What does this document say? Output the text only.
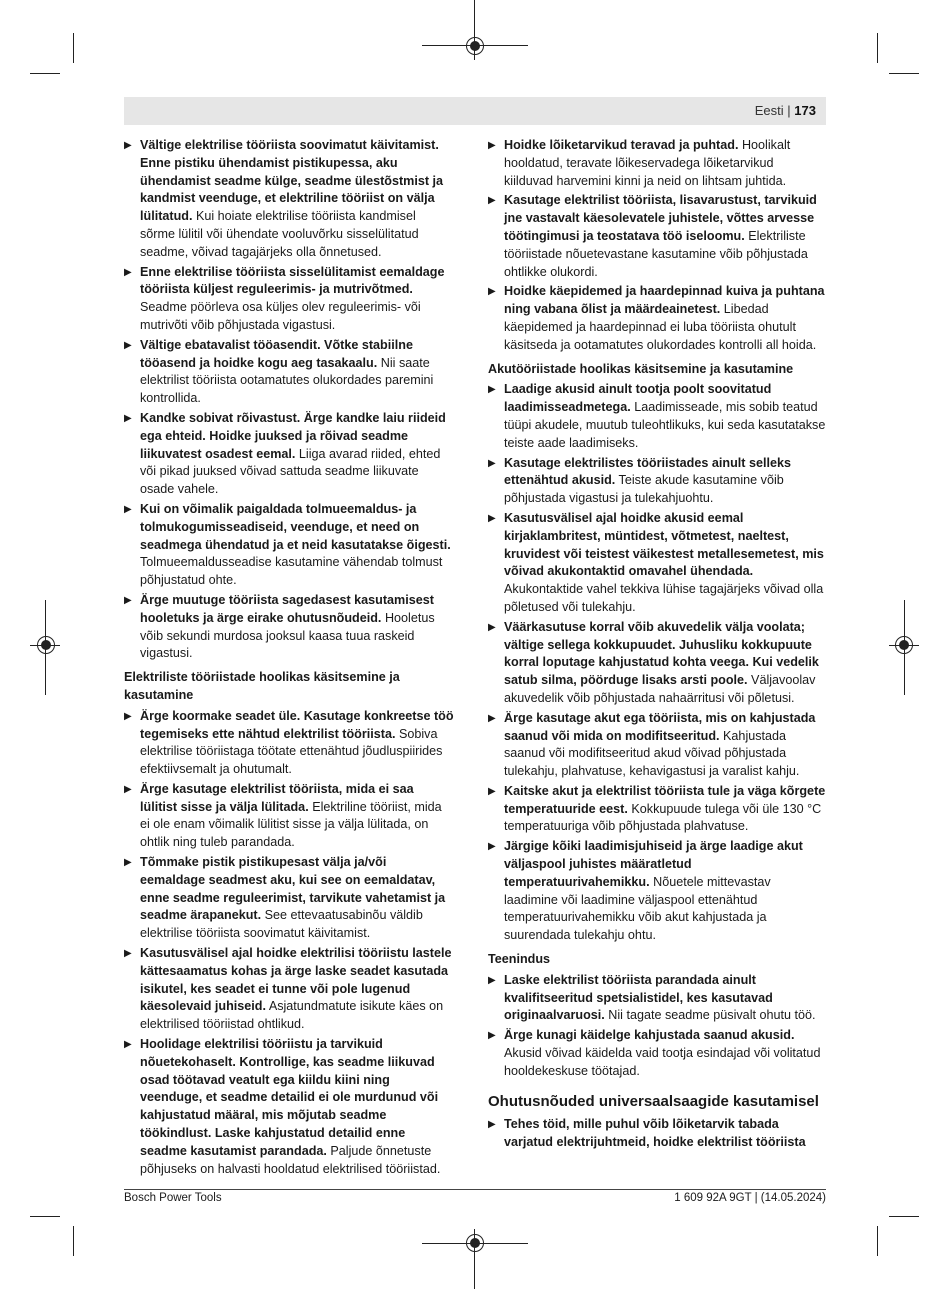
Eesti | 173
▶ Vältige elektrilise tööriista soovimatut käivitamist. Enne pistiku ühendamist pistikupessa, aku ühendamist seadme külge, seadme ülestõstmist ja kandmist veenduge, et elektriline tööriist on välja lülitatud. Kui hoiate elektrilise tööriista kandmisel sõrme lülitil või ühendate vooluvõrku sisselülitatud seadme, võivad tagajärjeks olla õnnetused.
▶ Enne elektrilise tööriista sisselülitamist eemaldage tööriista küljest reguleerimis- ja mutrivõtmed. Seadme pöörleva osa küljes olev reguleerimis- või mutrivõti võib põhjustada vigastusi.
▶ Vältige ebatavalist tööasendit. Võtke stabiilne tööasend ja hoidke kogu aeg tasakaalu. Nii saate elektrilist tööriista ootamatutes olukordades paremini kontrollida.
▶ Kandke sobivat rõivastust. Ärge kandke laiu riideid ega ehteid. Hoidke juuksed ja rõivad seadme liikuvatest osadest eemal. Liiga avarad riided, ehted või pikad juuksed võivad sattuda seadme liikuvate osade vahele.
▶ Kui on võimalik paigaldada tolmueemaldus- ja tolmukogumisseadiseid, veenduge, et need on seadmega ühendatud ja et neid kasutatakse õigesti. Tolmueemaldusseadise kasutamine vähendab tolmust põhjustatud ohte.
▶ Ärge muutuge tööriista sagedasest kasutamisest hooletuks ja ärge eirake ohutusnõudeid. Hooletus võib sekundi murdosa jooksul kaasa tuua raskeid vigastusi.
Elektriliste tööriistade hoolikas käsitsemine ja kasutamine
▶ Ärge koormake seadet üle. Kasutage konkreetse töö tegemiseks ette nähtud elektrilist tööriista. Sobiva elektrilise tööriistaga töötate ettenähtud jõudluspiirides efektiivsemalt ja ohutumalt.
▶ Ärge kasutage elektrilist tööriista, mida ei saa lülitist sisse ja välja lülitada. Elektriline tööriist, mida ei ole enam võimalik lülitist sisse ja välja lülitada, on ohtlik ning tuleb parandada.
▶ Tõmmake pistik pistikupesast välja ja/või eemaldage seadmest aku, kui see on eemaldatav, enne seadme reguleerimist, tarvikute vahetamist ja seadme ärapanekut. See ettevaatusabinõu väldib elektrilise tööriista soovimatut käivitamist.
▶ Kasutusvälisel ajal hoidke elektrilisi tööriistu lastele kättesaamatus kohas ja ärge laske seadet kasutada isikutel, kes seadet ei tunne või pole lugenud käesolevaid juhiseid. Asjatundmatute isikute käes on elektrilised tööriistad ohtlikud.
▶ Hoolidage elektrilisi tööriistu ja tarvikuid nõuetekohaselt. Kontrollige, kas seadme liikuvad osad töötavad veatult ega kiildu kiini ning veenduge, et seadme detailid ei ole murdunud või kahjustatud määral, mis mõjutab seadme töökindlust. Laske kahjustatud detailid enne seadme kasutamist parandada. Paljude õnnetuste põhjuseks on halvasti hooldatud elektrilised tööriistad.
▶ Hoidke lõiketarvikud teravad ja puhtad. Hoolikalt hooldatud, teravate lõikeservadega lõiketarvikud kiilduvad harvemini kinni ja neid on lihtsam juhtida.
▶ Kasutage elektrilist tööriista, lisavarustust, tarvikuid jne vastavalt käesolevatele juhistele, võttes arvesse töötingimusi ja teostatava töö iseloomu. Elektriliste tööriistade nõuetevastane kasutamine võib põhjustada ohtlikke olukordi.
▶ Hoidke käepidemed ja haardepinnad kuiva ja puhtana ning vabana õlist ja määrdeainetest. Libedad käepidemed ja haardepinnad ei luba tööriista ohutult käsitseda ja ootamatutes olukordades kontrolli all hoida.
Akutööriistade hoolikas käsitsemine ja kasutamine
▶ Laadige akusid ainult tootja poolt soovitatud laadimisseadmetega. Laadimisseade, mis sobib teatud tüüpi akudele, muutub tuleohtlikuks, kui seda kasutatakse teiste aade laadimiseks.
▶ Kasutage elektrilistes tööriistades ainult selleks ettenähtud akusid. Teiste akude kasutamine võib põhjustada vigastusi ja tulekahjuohtu.
▶ Kasutusvälisel ajal hoidke akusid eemal kirjaklambritest, müntidest, võtmetest, naeltest, kruvidest või teistest väikestest metallesemetest, mis võivad akukontaktid omavahel ühendada. Akukontaktide vahel tekkiva lühise tagajärjeks võivad olla põletused või tulekahju.
▶ Väärkasutuse korral võib akuvedelik välja voolata; vältige sellega kokkupuudet. Juhusliku kokkupuute korral loputage kahjustatud kohta veega. Kui vedelik satub silma, pöörduge lisaks arsti poole. Väljavoolav akuvedelik võib põhjustada nahaärritusi või põletusi.
▶ Ärge kasutage akut ega tööriista, mis on kahjustada saanud või mida on modifitseeritud. Kahjustada saanud või modifitseeritud akud võivad põhjustada tulekahju, plahvatuse, kehavigastusi ja varalist kahju.
▶ Kaitske akut ja elektrilist tööriista tule ja väga kõrgete temperatuuride eest. Kokkupuude tulega või üle 130 °C temperatuuriga võib põhjustada plahvatuse.
▶ Järgige kõiki laadimisjuhiseid ja ärge laadige akut väljaspool juhistes määratletud temperatuurivahemikku. Nõuetele mittevastav laadimine või laadimine väljaspool ettenähtud temperatuurivahemikku võib akut kahjustada ja suurendada tulekahju ohtu.
Teenindus
▶ Laske elektrilist tööriista parandada ainult kvalifitseeritud spetsialistidel, kes kasutavad originaalvaruosi. Nii tagate seadme püsivalt ohutu töö.
▶ Ärge kunagi käidelge kahjustada saanud akusid. Akusid võivad käidelda vaid tootja esindajad või volitatud hooldekeskuse töötajad.
Ohutusnõuded universaalsaagide kasutamisel
▶ Tehes töid, mille puhul võib lõiketarvik tabada varjatud elektrijuhtmeid, hoidke elektrilist tööriista
Bosch Power Tools	1 609 92A 9GT | (14.05.2024)
